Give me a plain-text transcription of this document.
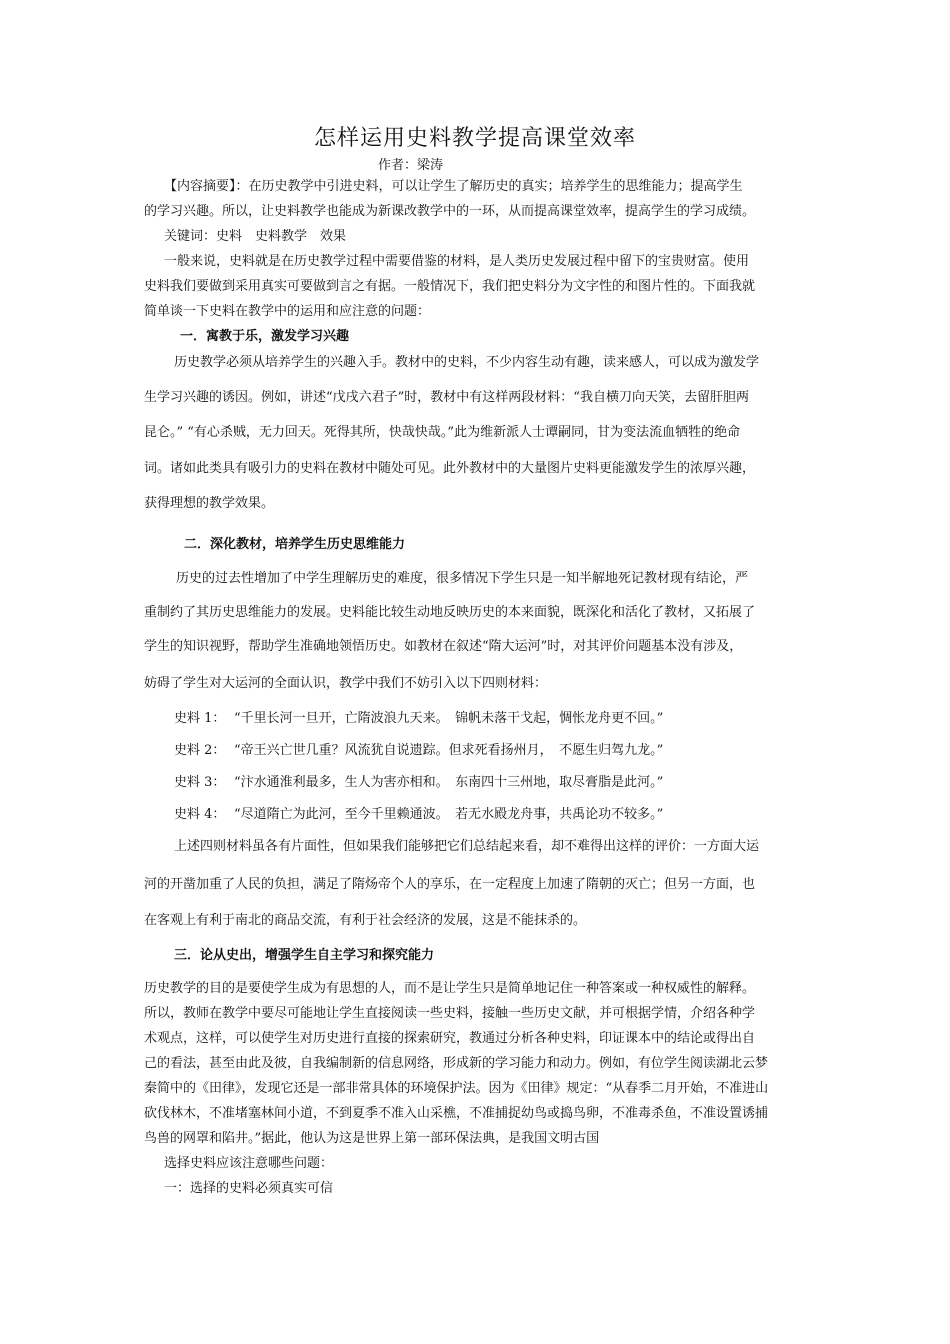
怎样运用史料教学提高课堂效率
作者：梁涛
【内容摘要】：在历史教学中引进史料，可以让学生了解历史的真实；培养学生的思维能力；提高学生
的学习兴趣。所以，让史料教学也能成为新课改教学中的一环，从而提高课堂效率，提高学生的学习成绩。
关键词：史料　史料教学　效果
一般来说，史料就是在历史教学过程中需要借鉴的材料，是人类历史发展过程中留下的宝贵财富。使用
史料我们要做到采用真实可要做到言之有据。一般情况下，我们把史料分为文字性的和图片性的。下面我就
简单谈一下史料在教学中的运用和应注意的问题：
一．寓教于乐，激发学习兴趣
历史教学必须从培养学生的兴趣入手。教材中的史料，不少内容生动有趣，读来感人，可以成为激发学
生学习兴趣的诱因。例如，讲述“戊戌六君子”时，教材中有这样两段材料：“我自横刀向天笑，去留肝胆两
昆仑。” “有心杀贼，无力回天。死得其所，快哉快哉。”此为维新派人士谭嗣同，甘为变法流血牺牲的绝命
词。诸如此类具有吸引力的史料在教材中随处可见。此外教材中的大量图片史料更能激发学生的浓厚兴趣，
获得理想的教学效果。
二．深化教材，培养学生历史思维能力
历史的过去性增加了中学生理解历史的难度，很多情况下学生只是一知半解地死记教材现有结论，严
重制约了其历史思维能力的发展。史料能比较生动地反映历史的本来面貌，既深化和活化了教材，又拓展了
学生的知识视野，帮助学生准确地领悟历史。如教材在叙述“隋大运河”时，对其评价问题基本没有涉及，
妨碍了学生对大运河的全面认识，教学中我们不妨引入以下四则材料：
史料 1： “千里长河一旦开，亡隋波浪九天来。　锦帆未落干戈起，惆怅龙舟更不回。”
史料 2： “帝王兴亡世几重？风流犹自说遗踪。但求死看扬州月，　不愿生归驾九龙。”
史料 3： “汴水通淮利最多，生人为害亦相和。　东南四十三州地，取尽膏脂是此河。”
史料 4： “尽道隋亡为此河，至今千里赖通波。　若无水殿龙舟事，共禹论功不较多。”
上述四则材料虽各有片面性，但如果我们能够把它们总结起来看，却不难得出这样的评价：一方面大运
河的开凿加重了人民的负担，满足了隋炀帝个人的享乐，在一定程度上加速了隋朝的灭亡；但另一方面，也
在客观上有利于南北的商品交流，有利于社会经济的发展，这是不能抹杀的。
三．论从史出，增强学生自主学习和探究能力
历史教学的目的是要使学生成为有思想的人，而不是让学生只是简单地记住一种答案或一种权威性的解释。
所以，教师在教学中要尽可能地让学生直接阅读一些史料，接触一些历史文献，并可根据学情，介绍各种学
术观点，这样，可以使学生对历史进行直接的探索研究，教通过分析各种史料，印证课本中的结论或得出自
己的看法，甚至由此及彼，自我编制新的信息网络，形成新的学习能力和动力。例如，有位学生阅读湖北云梦
秦简中的《田律》，发现它还是一部非常具体的环境保护法。因为《田律》规定：“从春季二月开始，不准进山
砍伐林木，不准堵塞林间小道，不到夏季不准入山采樵，不准捕捉幼鸟或捣鸟卵，不准毒杀鱼，不准设置诱捕
鸟兽的网罩和陷井。”据此，他认为这是世界上第一部环保法典，是我国文明古国
选择史料应该注意哪些问题：
一：选择的史料必须真实可信
